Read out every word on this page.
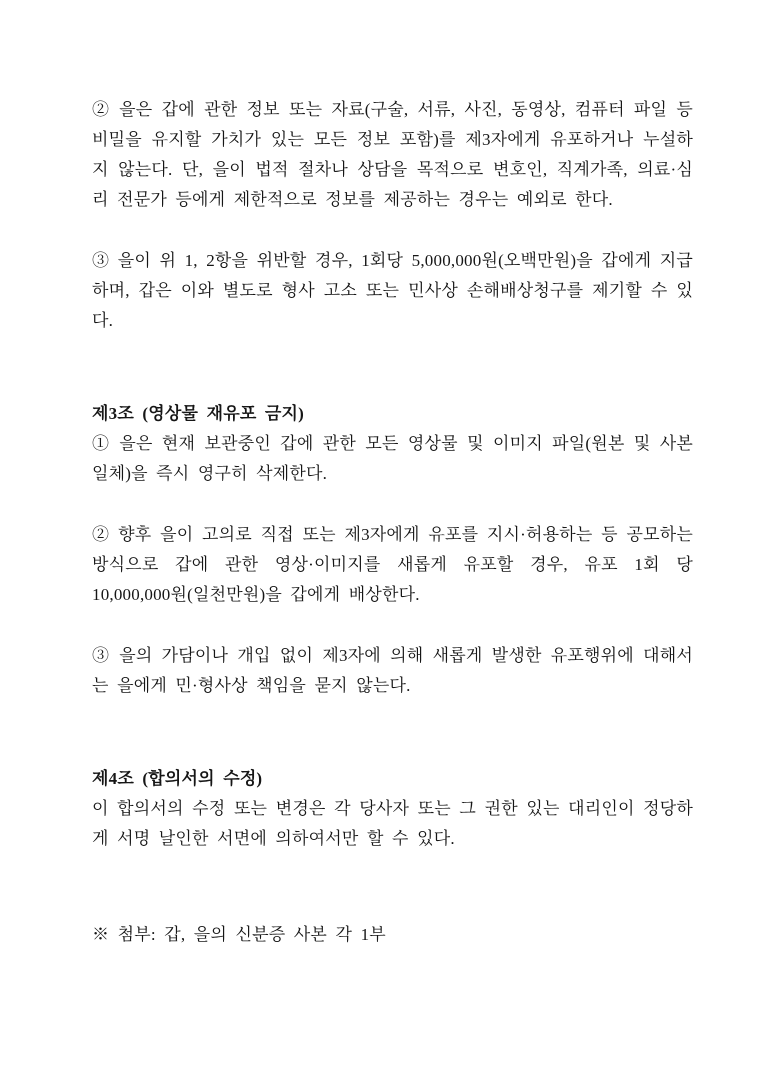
② 을은 갑에 관한 정보 또는 자료(구술, 서류, 사진, 동영상, 컴퓨터 파일 등 비밀을 유지할 가치가 있는 모든 정보 포함)를 제3자에게 유포하거나 누설하지 않는다. 단, 을이 법적 절차나 상담을 목적으로 변호인, 직계가족, 의료·심리 전문가 등에게 제한적으로 정보를 제공하는 경우는 예외로 한다.

③ 을이 위 1, 2항을 위반할 경우, 1회당 5,000,000원(오백만원)을 갑에게 지급하며, 갑은 이와 별도로 형사 고소 또는 민사상 손해배상청구를 제기할 수 있다.

제3조 (영상물 재유포 금지)

① 을은 현재 보관중인 갑에 관한 모든 영상물 및 이미지 파일(원본 및 사본 일체)을 즉시 영구히 삭제한다.

② 향후 을이 고의로 직접 또는 제3자에게 유포를 지시·허용하는 등 공모하는 방식으로 갑에 관한 영상·이미지를 새롭게 유포할 경우, 유포 1회 당 10,000,000원(일천만원)을 갑에게 배상한다.

③ 을의 가담이나 개입 없이 제3자에 의해 새롭게 발생한 유포행위에 대해서는 을에게 민·형사상 책임을 묻지 않는다.

제4조 (합의서의 수정)

이 합의서의 수정 또는 변경은 각 당사자 또는 그 권한 있는 대리인이 정당하게 서명 날인한 서면에 의하여서만 할 수 있다.

※ 첨부: 갑, 을의 신분증 사본 각 1부
